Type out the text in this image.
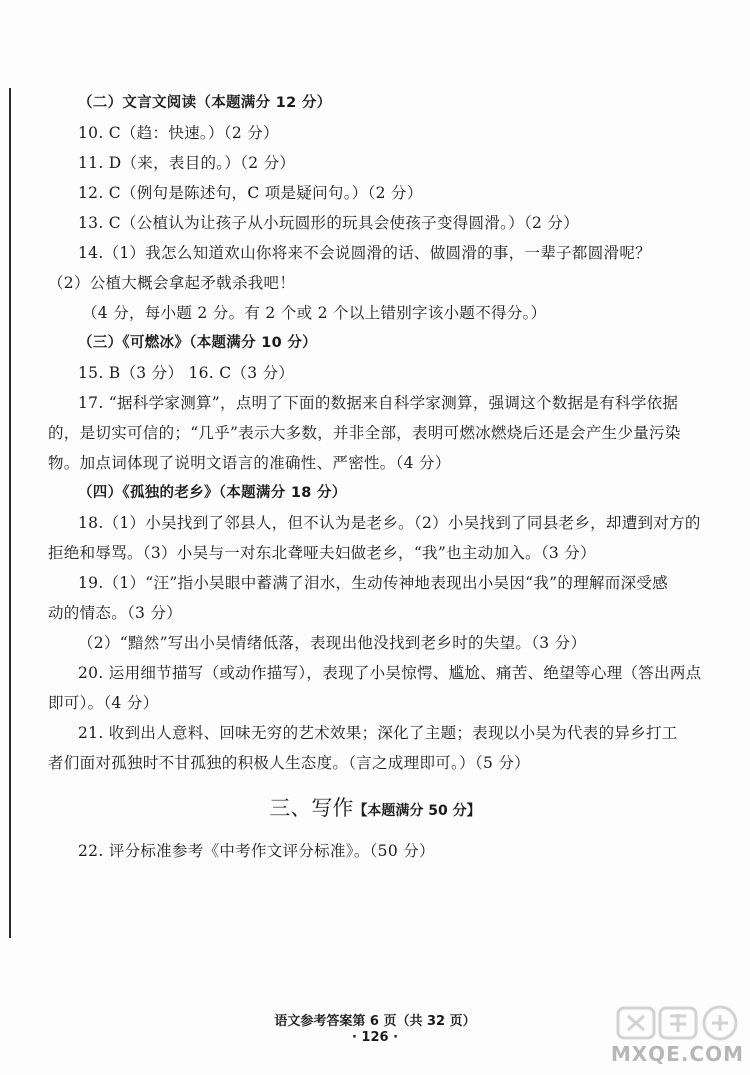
（二）文言文阅读（本题满分 12 分）
10. C（趋：快速。）（2 分）
11. D（来，表目的。）（2 分）
12. C（例句是陈述句，C 项是疑问句。）（2 分）
13. C（公植认为让孩子从小玩圆形的玩具会使孩子变得圆滑。）（2 分）
14.（1）我怎么知道欢山你将来不会说圆滑的话、做圆滑的事，一辈子都圆滑呢？
（2）公植大概会拿起矛戟杀我吧！
（4 分，每小题 2 分。有 2 个或 2 个以上错别字该小题不得分。）
（三）《可燃冰》（本题满分 10 分）
15. B（3 分） 16. C（3 分）
17. “据科学家测算”，点明了下面的数据来自科学家测算，强调这个数据是有科学依据
的，是切实可信的；“几乎”表示大多数，并非全部，表明可燃冰燃烧后还是会产生少量污染
物。加点词体现了说明文语言的准确性、严密性。（4 分）
（四）《孤独的老乡》（本题满分 18 分）
18.（1）小吴找到了邻县人，但不认为是老乡。（2）小吴找到了同县老乡，却遭到对方的
拒绝和辱骂。（3）小吴与一对东北聋哑夫妇做老乡，“我”也主动加入。（3 分）
19.（1）“汪”指小吴眼中蓄满了泪水，生动传神地表现出小吴因“我”的理解而深受感
动的情态。（3 分）
（2）“黯然”写出小吴情绪低落，表现出他没找到老乡时的失望。（3 分）
20. 运用细节描写（或动作描写），表现了小吴惊愕、尴尬、痛苦、绝望等心理（答出两点
即可）。（4 分）
21. 收到出人意料、回味无穷的艺术效果；深化了主题；表现以小吴为代表的异乡打工
者们面对孤独时不甘孤独的积极人生态度。（言之成理即可。）（5 分）
三、写作【本题满分 50 分】
22. 评分标准参考《中考作文评分标准》。（50 分）
语文参考答案第 6 页（共 32 页）
· 126 ·
MXQE.COM
